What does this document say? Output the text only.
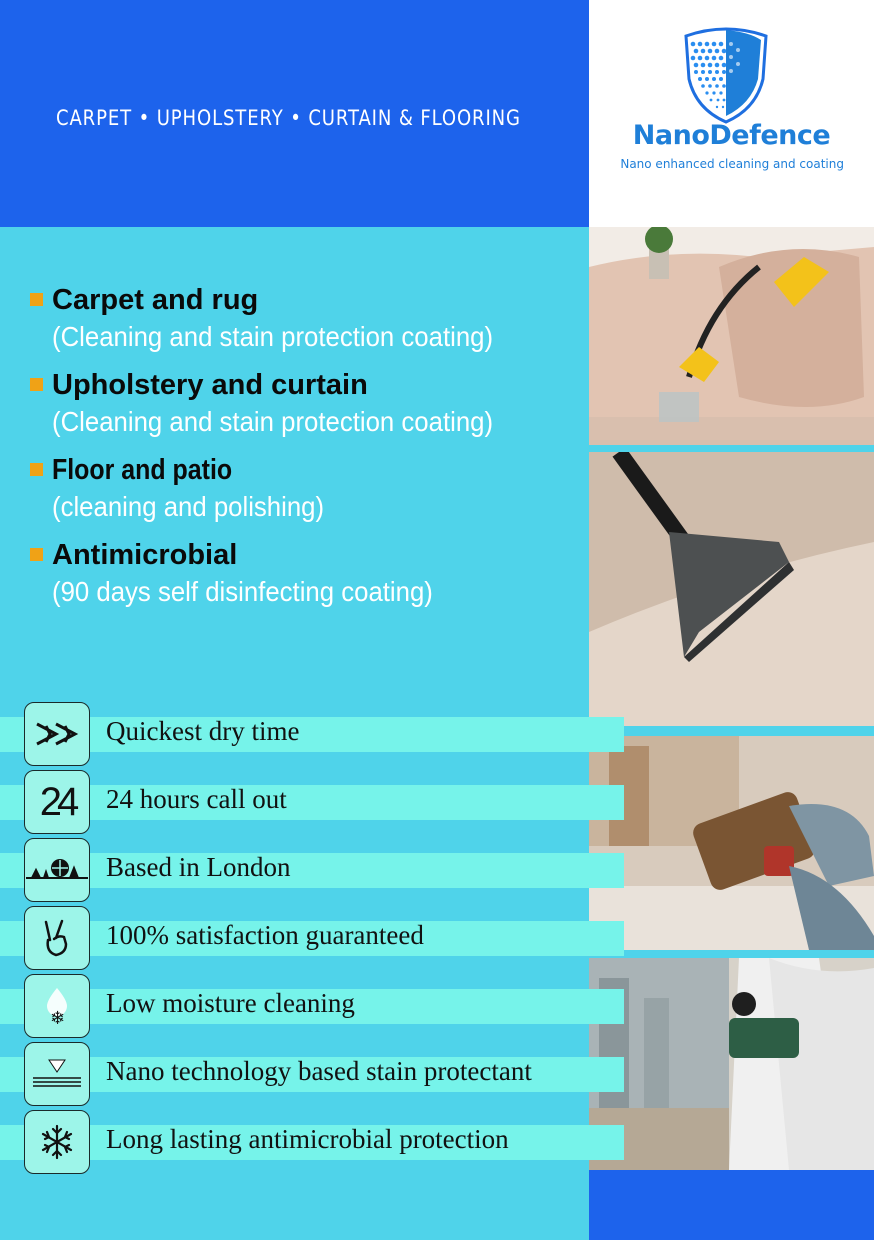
CARPET • UPHOLSTERY • CURTAIN & FLOORING
NanoDefence
Nano enhanced cleaning and coating
Carpet and rug
(Cleaning and stain protection coating)
Upholstery and curtain
(Cleaning and stain protection coating)
Floor and patio
(cleaning and polishing)
Antimicrobial
(90 days self disinfecting coating)
Quickest dry time
24 24 hours call out
Based in London
100% satisfaction guaranteed
❄
Low moisture cleaning
Nano technology based stain protectant
Long lasting antimicrobial protection
